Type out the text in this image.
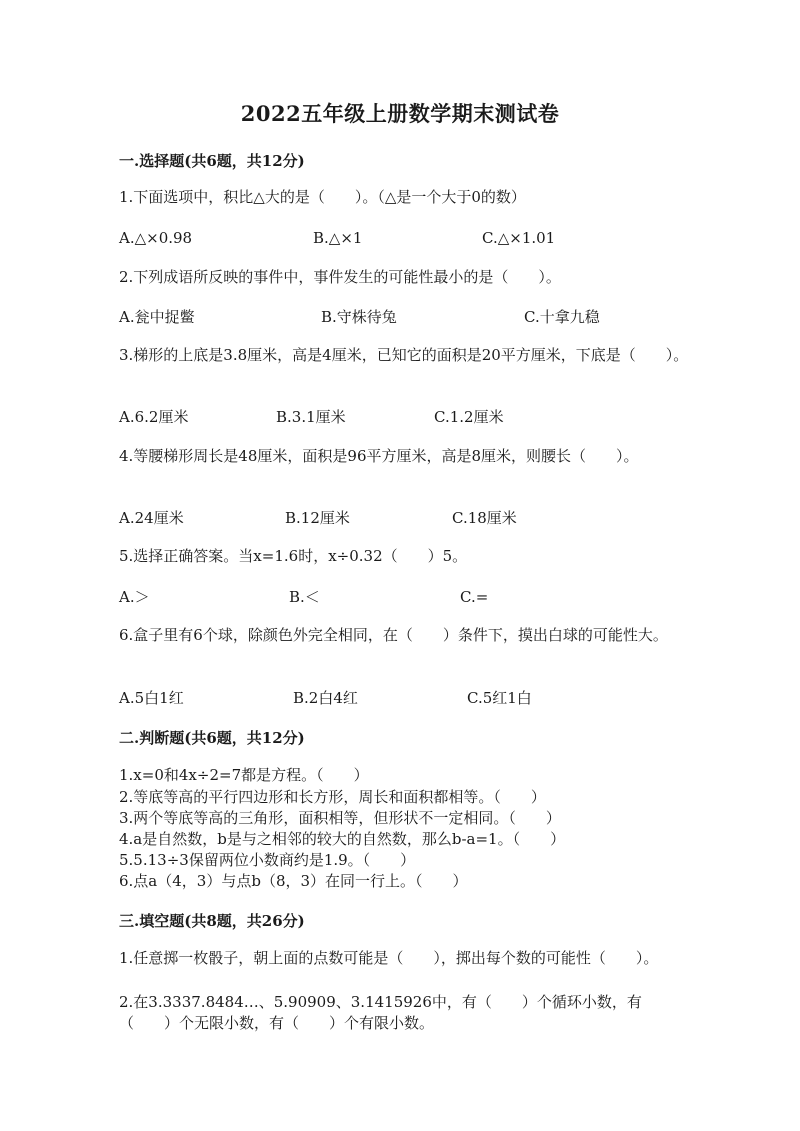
2022五年级上册数学期末测试卷
一.选择题(共6题，共12分)
1.下面选项中，积比△大的是（　　）。（△是一个大于0的数）
A.△×0.98	B.△×1	C.△×1.01
2.下列成语所反映的事件中，事件发生的可能性最小的是（　　）。
A.瓮中捉鳖	B.守株待兔	C.十拿九稳
3.梯形的上底是3.8厘米，高是4厘米，已知它的面积是20平方厘米，下底是（　　）。
A.6.2厘米	B.3.1厘米	C.1.2厘米
4.等腰梯形周长是48厘米，面积是96平方厘米，高是8厘米，则腰长（　　）。
A.24厘米	B.12厘米	C.18厘米
5.选择正确答案。当x=1.6时，x÷0.32（　　）5。
A.＞	B.＜	C.=
6.盒子里有6个球，除颜色外完全相同，在（　　）条件下，摸出白球的可能性大。
A.5白1红	B.2白4红	C.5红1白
二.判断题(共6题，共12分)
1.x=0和4x÷2=7都是方程。（　　）
2.等底等高的平行四边形和长方形，周长和面积都相等。（　　）
3.两个等底等高的三角形，面积相等，但形状不一定相同。（　　）
4.a是自然数，b是与之相邻的较大的自然数，那么b-a=1。（　　）
5.5.13÷3保留两位小数商约是1.9。（　　）
6.点a（4，3）与点b（8，3）在同一行上。（　　）
三.填空题(共8题，共26分)
1.任意掷一枚骰子，朝上面的点数可能是（　　），掷出每个数的可能性（　　）。
2.在3.3337.8484…、5.90909、3.1415926中，有（　　）个循环小数，有（　　）个无限小数，有（　　）个有限小数。
